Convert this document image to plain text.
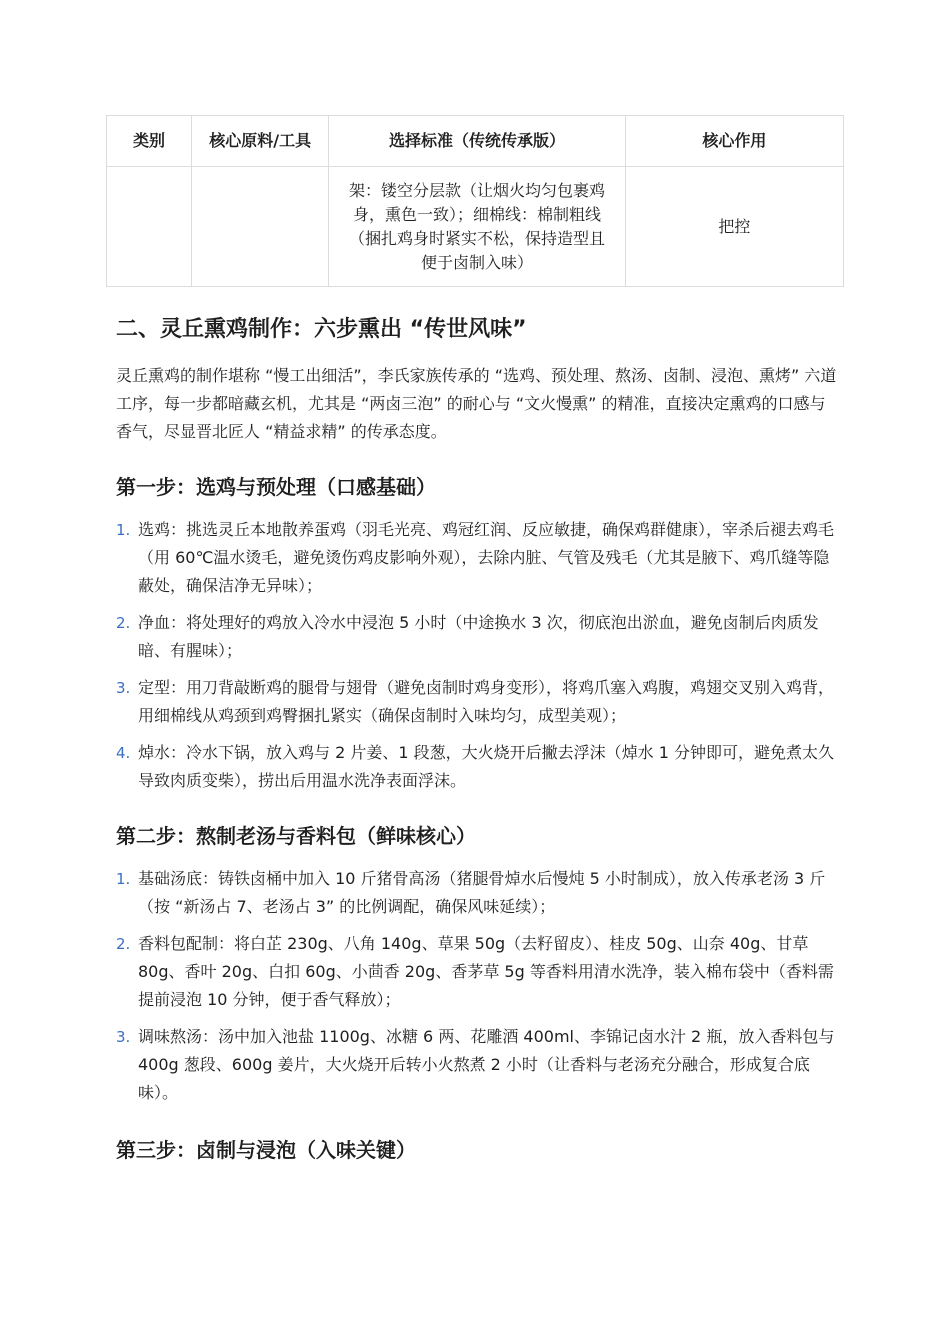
类别	核心原料/工具	选择标准（传统传承版）	核心作用
		架：镂空分层款（让烟火均匀包裹鸡身，熏色一致）；细棉线：棉制粗线（捆扎鸡身时紧实不松，保持造型且便于卤制入味）	把控
二、灵丘熏鸡制作：六步熏出 “传世风味”

灵丘熏鸡的制作堪称 “慢工出细活”，李氏家族传承的 “选鸡、预处理、熬汤、卤制、浸泡、熏烤” 六道工序，每一步都暗藏玄机，尤其是 “两卤三泡” 的耐心与 “文火慢熏” 的精准，直接决定熏鸡的口感与香气，尽显晋北匠人 “精益求精” 的传承态度。

第一步：选鸡与预处理（口感基础）
1. 选鸡：挑选灵丘本地散养蛋鸡（羽毛光亮、鸡冠红润、反应敏捷，确保鸡群健康），宰杀后褪去鸡毛（用 60℃温水烫毛，避免烫伤鸡皮影响外观），去除内脏、气管及残毛（尤其是腋下、鸡爪缝等隐蔽处，确保洁净无异味）；
2. 净血：将处理好的鸡放入冷水中浸泡 5 小时（中途换水 3 次，彻底泡出淤血，避免卤制后肉质发暗、有腥味）；
3. 定型：用刀背敲断鸡的腿骨与翅骨（避免卤制时鸡身变形），将鸡爪塞入鸡腹，鸡翅交叉别入鸡背，用细棉线从鸡颈到鸡臀捆扎紧实（确保卤制时入味均匀，成型美观）；
4. 焯水：冷水下锅，放入鸡与 2 片姜、1 段葱，大火烧开后撇去浮沫（焯水 1 分钟即可，避免煮太久导致肉质变柴），捞出后用温水洗净表面浮沫。
第二步：熬制老汤与香料包（鲜味核心）
1. 基础汤底：铸铁卤桶中加入 10 斤猪骨高汤（猪腿骨焯水后慢炖 5 小时制成），放入传承老汤 3 斤（按 “新汤占 7、老汤占 3” 的比例调配，确保风味延续）；
2. 香料包配制：将白芷 230g、八角 140g、草果 50g（去籽留皮）、桂皮 50g、山奈 40g、甘草 80g、香叶 20g、白扣 60g、小茴香 20g、香茅草 5g 等香料用清水洗净，装入棉布袋中（香料需提前浸泡 10 分钟，便于香气释放）；
3. 调味熬汤：汤中加入池盐 1100g、冰糖 6 两、花雕酒 400ml、李锦记卤水汁 2 瓶，放入香料包与 400g 葱段、600g 姜片，大火烧开后转小火熬煮 2 小时（让香料与老汤充分融合，形成复合底味）。
第三步：卤制与浸泡（入味关键）
